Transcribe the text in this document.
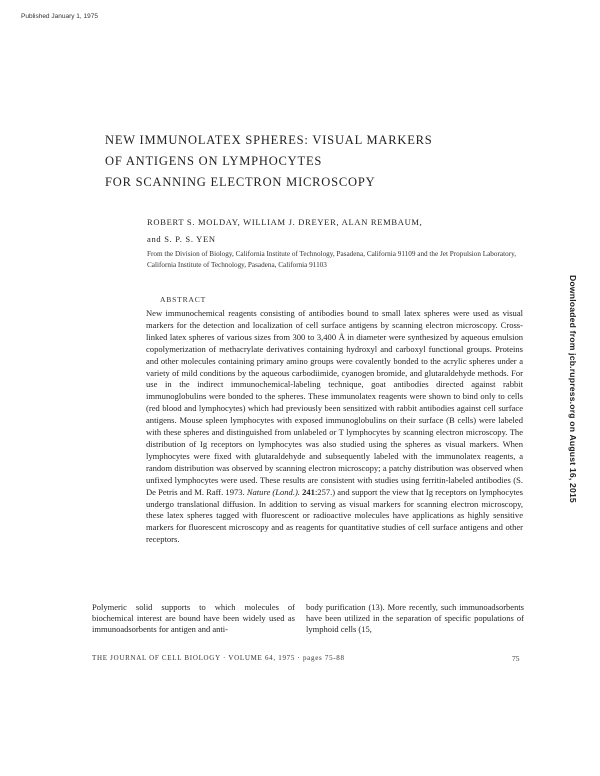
Published January 1, 1975
NEW IMMUNOLATEX SPHERES: VISUAL MARKERS
OF ANTIGENS ON LYMPHOCYTES
FOR SCANNING ELECTRON MICROSCOPY
ROBERT S. MOLDAY, WILLIAM J. DREYER, ALAN REMBAUM,
and S. P. S. YEN
From the Division of Biology, California Institute of Technology, Pasadena, California 91109 and the Jet Propulsion Laboratory, California Institute of Technology, Pasadena, California 91103
ABSTRACT
New immunochemical reagents consisting of antibodies bound to small latex spheres were used as visual markers for the detection and localization of cell surface antigens by scanning electron microscopy. Cross-linked latex spheres of various sizes from 300 to 3,400 Å in diameter were synthesized by aqueous emulsion copolymerization of methacrylate derivatives containing hydroxyl and carboxyl functional groups. Proteins and other molecules containing primary amino groups were covalently bonded to the acrylic spheres under a variety of mild conditions by the aqueous carbodiimide, cyanogen bromide, and glutaraldehyde methods. For use in the indirect immunochemical-labeling technique, goat antibodies directed against rabbit immunoglobulins were bonded to the spheres. These immunolatex reagents were shown to bind only to cells (red blood and lymphocytes) which had previously been sensitized with rabbit antibodies against cell surface antigens. Mouse spleen lymphocytes with exposed immunoglobulins on their surface (B cells) were labeled with these spheres and distinguished from unlabeled or T lymphocytes by scanning electron microscopy. The distribution of Ig receptors on lymphocytes was also studied using the spheres as visual markers. When lymphocytes were fixed with glutaraldehyde and subsequently labeled with the immunolatex reagents, a random distribution was observed by scanning electron microscopy; a patchy distribution was observed when unfixed lymphocytes were used. These results are consistent with studies using ferritin-labeled antibodies (S. De Petris and M. Raff. 1973. Nature (Lond.). 241:257.) and support the view that Ig receptors on lymphocytes undergo translational diffusion. In addition to serving as visual markers for scanning electron microscopy, these latex spheres tagged with fluorescent or radioactive molecules have applications as highly sensitive markers for fluorescent microscopy and as reagents for quantitative studies of cell surface antigens and other receptors.
Downloaded from jcb.rupress.org on August 16, 2015
Polymeric solid supports to which molecules of biochemical interest are bound have been widely used as immunoadsorbents for antigen and anti-
body purification (13). More recently, such immunoadsorbents have been utilized in the separation of specific populations of lymphoid cells (15,
THE JOURNAL OF CELL BIOLOGY · VOLUME 64, 1975 · pages 75-88	75
